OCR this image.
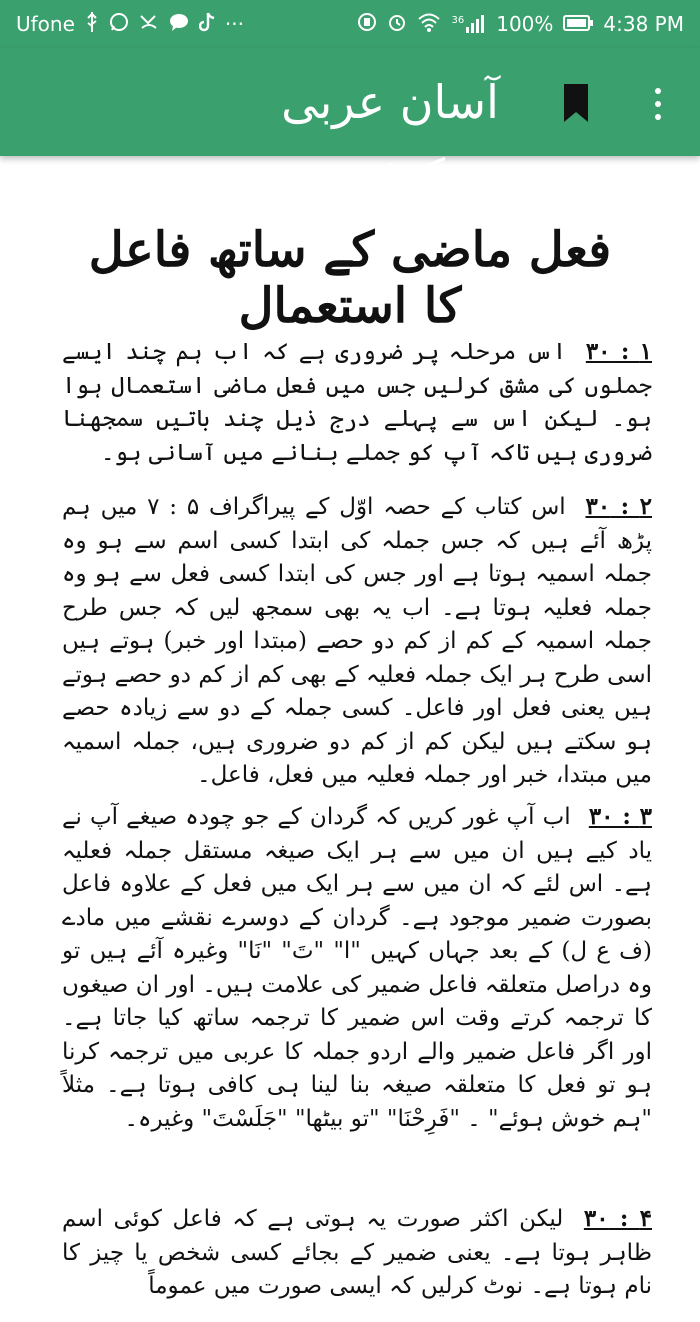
Ufone	···	36 100%	4:38 PM
آسان عربی گرامر
فعل ماضی کے ساتھ فاعل کا استعمال
۱ : ۳۰ اس مرحلہ پر ضروری ہے کہ اب ہم چند ایسے جملوں کی مشق کرلیں جس میں فعل ماضی استعمال ہوا ہو۔ لیکن اس سے پہلے درج ذیل چند باتیں سمجھنا ضروری ہیں تاکہ آپ کو جملے بنانے میں آسانی ہو۔
۲ : ۳۰ اس کتاب کے حصہ اوّل کے پیراگراف ۵ : ۷ میں ہم پڑھ آئے ہیں کہ جس جملہ کی ابتدا کسی اسم سے ہو وہ جملہ اسمیہ ہوتا ہے اور جس کی ابتدا کسی فعل سے ہو وہ جملہ فعلیہ ہوتا ہے۔ اب یہ بھی سمجھ لیں کہ جس طرح جملہ اسمیہ کے کم از کم دو حصے (مبتدا اور خبر) ہوتے ہیں اسی طرح ہر ایک جملہ فعلیہ کے بھی کم از کم دو حصے ہوتے ہیں یعنی فعل اور فاعل۔ کسی جملہ کے دو سے زیادہ حصے ہو سکتے ہیں لیکن کم از کم دو ضروری ہیں، جملہ اسمیہ میں مبتدا، خبر اور جملہ فعلیہ میں فعل، فاعل۔
۳ : ۳۰ اب آپ غور کریں کہ گردان کے جو چودہ صیغے آپ نے یاد کیے ہیں ان میں سے ہر ایک صیغہ مستقل جملہ فعلیہ ہے۔ اس لئے کہ ان میں سے ہر ایک میں فعل کے علاوہ فاعل بصورت ضمیر موجود ہے۔ گردان کے دوسرے نقشے میں مادے (ف ع ل) کے بعد جہاں کہیں "ا" "تَ" "نَا" وغیرہ آئے ہیں تو وہ دراصل متعلقہ فاعل ضمیر کی علامت ہیں۔ اور ان صیغوں کا ترجمہ کرتے وقت اس ضمیر کا ترجمہ ساتھ کیا جاتا ہے۔ اور اگر فاعل ضمیر والے اردو جملہ کا عربی میں ترجمہ کرنا ہو تو فعل کا متعلقہ صیغہ بنا لینا ہی کافی ہوتا ہے۔ مثلاً "ہم خوش ہوئے" ۔ "فَرِحْنَا" "تو بیٹھا" "جَلَسْتَ" وغیرہ۔
۴ : ۳۰ لیکن اکثر صورت یہ ہوتی ہے کہ فاعل کوئی اسم ظاہر ہوتا ہے۔ یعنی ضمیر کے بجائے کسی شخص یا چیز کا نام ہوتا ہے۔ نوٹ کرلیں کہ ایسی صورت میں عموماً
